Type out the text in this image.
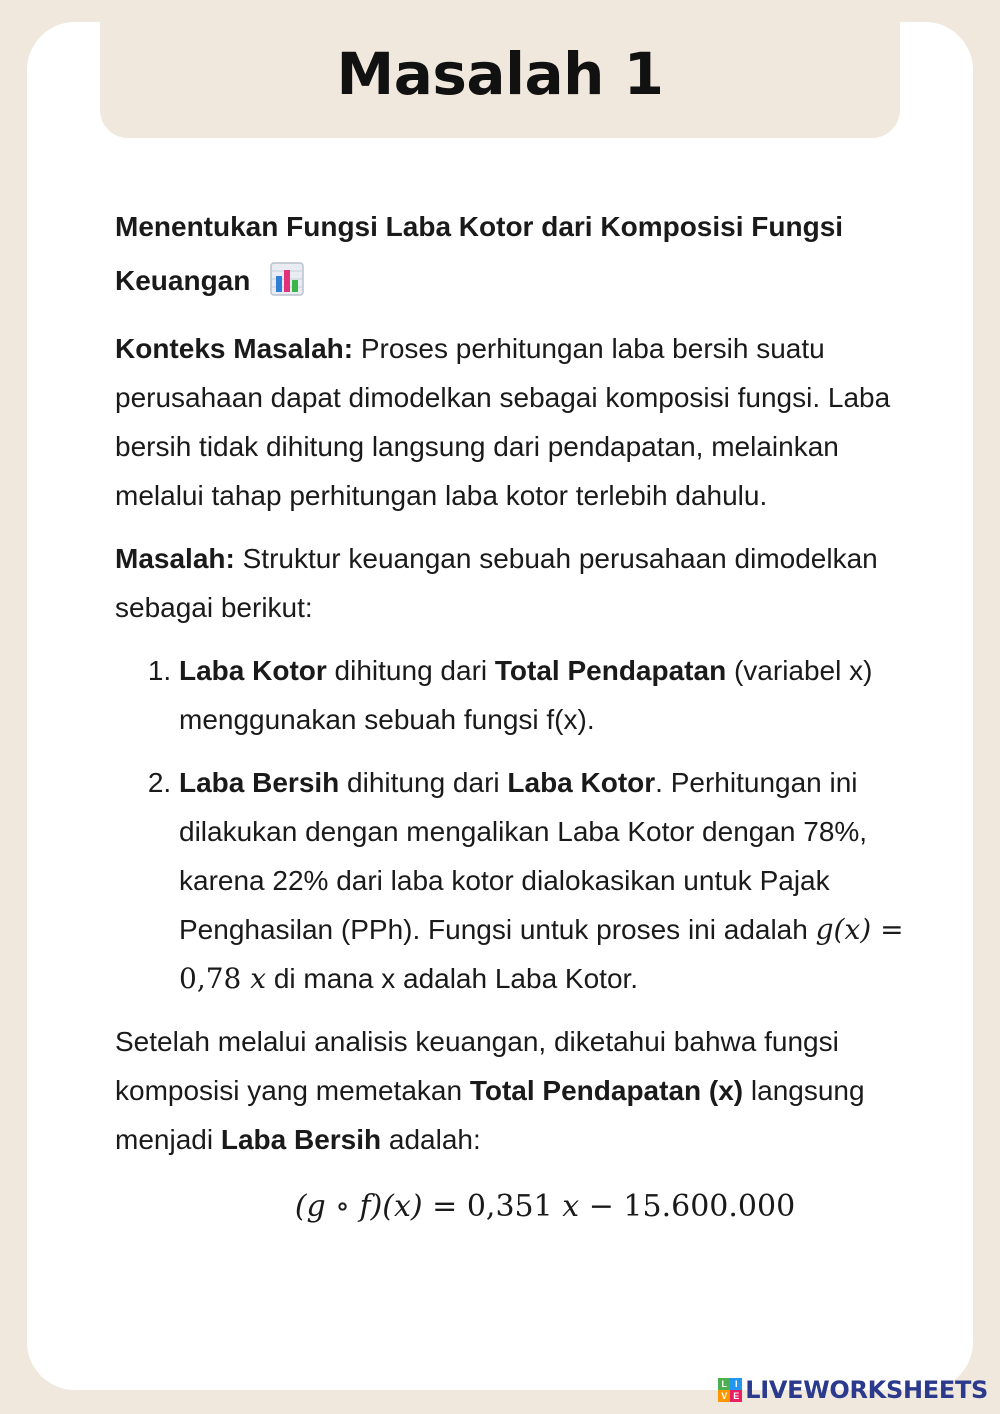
Masalah 1
Menentukan Fungsi Laba Kotor dari Komposisi Fungsi Keuangan

Konteks Masalah: Proses perhitungan laba bersih suatu perusahaan dapat dimodelkan sebagai komposisi fungsi. Laba bersih tidak dihitung langsung dari pendapatan, melainkan melalui tahap perhitungan laba kotor terlebih dahulu.

Masalah: Struktur keuangan sebuah perusahaan dimodelkan sebagai berikut:

1. Laba Kotor dihitung dari Total Pendapatan (variabel x) menggunakan sebuah fungsi f(x).
2. Laba Bersih dihitung dari Laba Kotor. Perhitungan ini dilakukan dengan mengalikan Laba Kotor dengan 78%, karena 22% dari laba kotor dialokasikan untuk Pajak Penghasilan (PPh). Fungsi untuk proses ini adalah g(x) = 0,78 x di mana x adalah Laba Kotor.

Setelah melalui analisis keuangan, diketahui bahwa fungsi komposisi yang memetakan Total Pendapatan (x) langsung menjadi Laba Bersih adalah:

(g ∘ f)(x) = 0,351 x − 15.600.000
L I
V E LIVEWORKSHEETS
